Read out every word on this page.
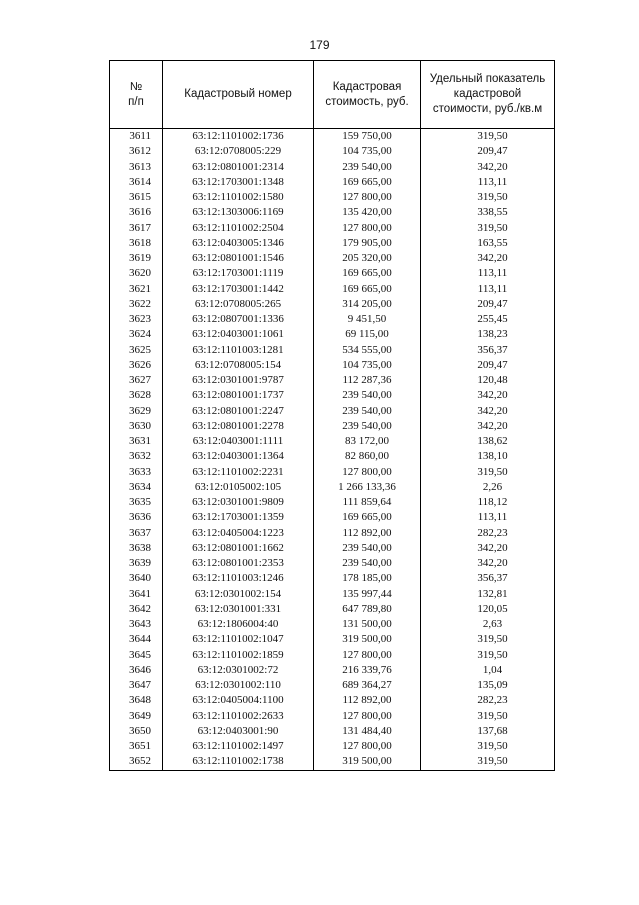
179
№
п/п	Кадастровый номер	Кадастровая стоимость, руб.	Удельный показатель кадастровой стоимости, руб./кв.м
3611	63:12:1101002:1736	159 750,00	319,50
3612	63:12:0708005:229	104 735,00	209,47
3613	63:12:0801001:2314	239 540,00	342,20
3614	63:12:1703001:1348	169 665,00	113,11
3615	63:12:1101002:1580	127 800,00	319,50
3616	63:12:1303006:1169	135 420,00	338,55
3617	63:12:1101002:2504	127 800,00	319,50
3618	63:12:0403005:1346	179 905,00	163,55
3619	63:12:0801001:1546	205 320,00	342,20
3620	63:12:1703001:1119	169 665,00	113,11
3621	63:12:1703001:1442	169 665,00	113,11
3622	63:12:0708005:265	314 205,00	209,47
3623	63:12:0807001:1336	9 451,50	255,45
3624	63:12:0403001:1061	69 115,00	138,23
3625	63:12:1101003:1281	534 555,00	356,37
3626	63:12:0708005:154	104 735,00	209,47
3627	63:12:0301001:9787	112 287,36	120,48
3628	63:12:0801001:1737	239 540,00	342,20
3629	63:12:0801001:2247	239 540,00	342,20
3630	63:12:0801001:2278	239 540,00	342,20
3631	63:12:0403001:1111	83 172,00	138,62
3632	63:12:0403001:1364	82 860,00	138,10
3633	63:12:1101002:2231	127 800,00	319,50
3634	63:12:0105002:105	1 266 133,36	2,26
3635	63:12:0301001:9809	111 859,64	118,12
3636	63:12:1703001:1359	169 665,00	113,11
3637	63:12:0405004:1223	112 892,00	282,23
3638	63:12:0801001:1662	239 540,00	342,20
3639	63:12:0801001:2353	239 540,00	342,20
3640	63:12:1101003:1246	178 185,00	356,37
3641	63:12:0301002:154	135 997,44	132,81
3642	63:12:0301001:331	647 789,80	120,05
3643	63:12:1806004:40	131 500,00	2,63
3644	63:12:1101002:1047	319 500,00	319,50
3645	63:12:1101002:1859	127 800,00	319,50
3646	63:12:0301002:72	216 339,76	1,04
3647	63:12:0301002:110	689 364,27	135,09
3648	63:12:0405004:1100	112 892,00	282,23
3649	63:12:1101002:2633	127 800,00	319,50
3650	63:12:0403001:90	131 484,40	137,68
3651	63:12:1101002:1497	127 800,00	319,50
3652	63:12:1101002:1738	319 500,00	319,50
